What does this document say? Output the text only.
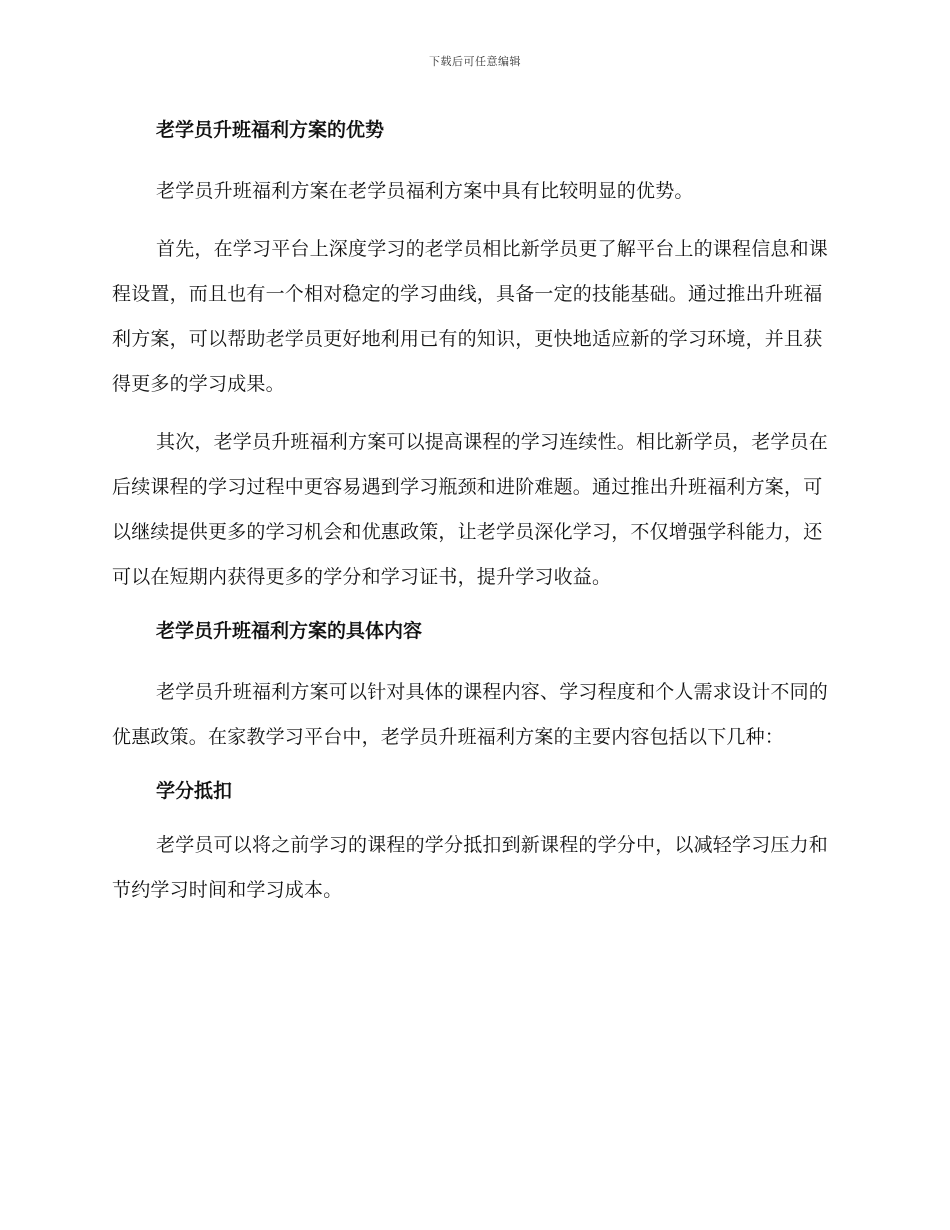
下载后可任意编辑
老学员升班福利方案的优势

老学员升班福利方案在老学员福利方案中具有比较明显的优势。

首先，在学习平台上深度学习的老学员相比新学员更了解平台上的课程信息和课程设置，而且也有一个相对稳定的学习曲线，具备一定的技能基础。通过推出升班福利方案，可以帮助老学员更好地利用已有的知识，更快地适应新的学习环境，并且获得更多的学习成果。

其次，老学员升班福利方案可以提高课程的学习连续性。相比新学员，老学员在后续课程的学习过程中更容易遇到学习瓶颈和进阶难题。通过推出升班福利方案，可以继续提供更多的学习机会和优惠政策，让老学员深化学习，不仅增强学科能力，还可以在短期内获得更多的学分和学习证书，提升学习收益。

老学员升班福利方案的具体内容

老学员升班福利方案可以针对具体的课程内容、学习程度和个人需求设计不同的优惠政策。在家教学习平台中，老学员升班福利方案的主要内容包括以下几种：

学分抵扣

老学员可以将之前学习的课程的学分抵扣到新课程的学分中，以减轻学习压力和节约学习时间和学习成本。
